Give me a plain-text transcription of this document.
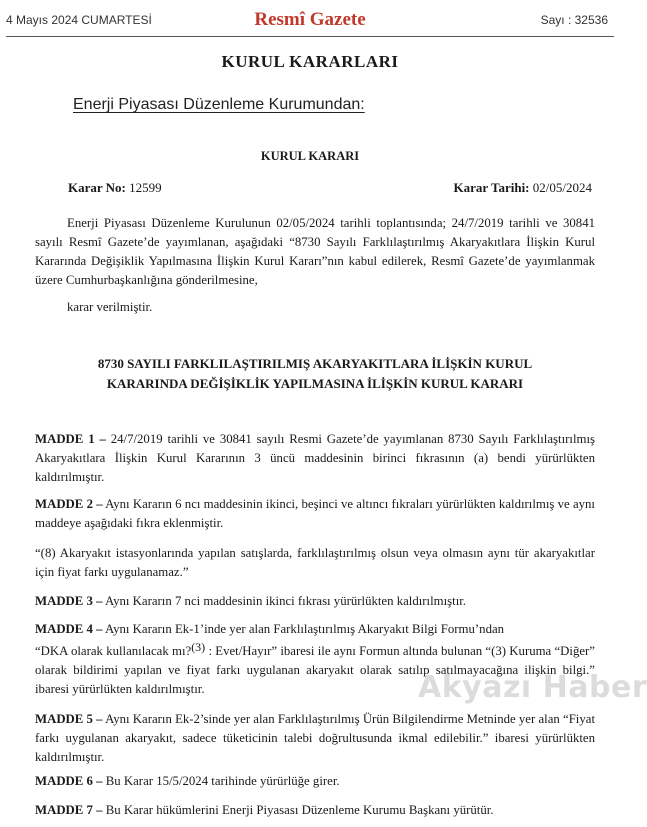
4 Mayıs 2024 CUMARTESİ	Resmî Gazete	Sayı : 32536
KURUL KARARLARI
Enerji Piyasası Düzenleme Kurumundan:
KURUL KARARI
Karar No: 12599	Karar Tarihi: 02/05/2024
Enerji Piyasası Düzenleme Kurulunun 02/05/2024 tarihli toplantısında; 24/7/2019 tarihli ve 30841 sayılı Resmî Gazete’de yayımlanan, aşağıdaki “8730 Sayılı Farklılaştırılmış Akaryakıtlara İlişkin Kurul Kararında Değişiklik Yapılmasına İlişkin Kurul Kararı”nın kabul edilerek, Resmî Gazete’de yayımlanmak üzere Cumhurbaşkanlığına gönderilmesine,
karar verilmiştir.
8730 SAYILI FARKLILAŞTIRILMIŞ AKARYAKITLARA İLİŞKİN KURUL
KARARINDA DEĞİŞİKLİK YAPILMASINA İLİŞKİN KURUL KARARI
MADDE 1 – 24/7/2019 tarihli ve 30841 sayılı Resmi Gazete’de yayımlanan 8730 Sayılı Farklılaştırılmış Akaryakıtlara İlişkin Kurul Kararının 3 üncü maddesinin birinci fıkrasının (a) bendi yürürlükten kaldırılmıştır.
MADDE 2 – Aynı Kararın 6 ncı maddesinin ikinci, beşinci ve altıncı fıkraları yürürlükten kaldırılmış ve aynı maddeye aşağıdaki fıkra eklenmiştir.
“(8) Akaryakıt istasyonlarında yapılan satışlarda, farklılaştırılmış olsun veya olmasın aynı tür akaryakıtlar için fiyat farkı uygulanamaz.”
MADDE 3 – Aynı Kararın 7 nci maddesinin ikinci fıkrası yürürlükten kaldırılmıştır.
MADDE 4 – Aynı Kararın Ek-1’inde yer alan Farklılaştırılmış Akaryakıt Bilgi Formu’ndan
“DKA olarak kullanılacak mı?$^{(3)}$ : Evet/Hayır” ibaresi ile aynı Formun altında bulunan “(3) Kuruma “Diğer” olarak bildirimi yapılan ve fiyat farkı uygulanan akaryakıt olarak satılıp satılmayacağına ilişkin bilgi.” ibaresi yürürlükten kaldırılmıştır.
MADDE 5 – Aynı Kararın Ek-2’sinde yer alan Farklılaştırılmış Ürün Bilgilendirme Metninde yer alan “Fiyat farkı uygulanan akaryakıt, sadece tüketicinin talebi doğrultusunda ikmal edilebilir.” ibaresi yürürlükten kaldırılmıştır.
MADDE 6 – Bu Karar 15/5/2024 tarihinde yürürlüğe girer.
MADDE 7 – Bu Karar hükümlerini Enerji Piyasası Düzenleme Kurumu Başkanı yürütür.
Akyazı Haber
